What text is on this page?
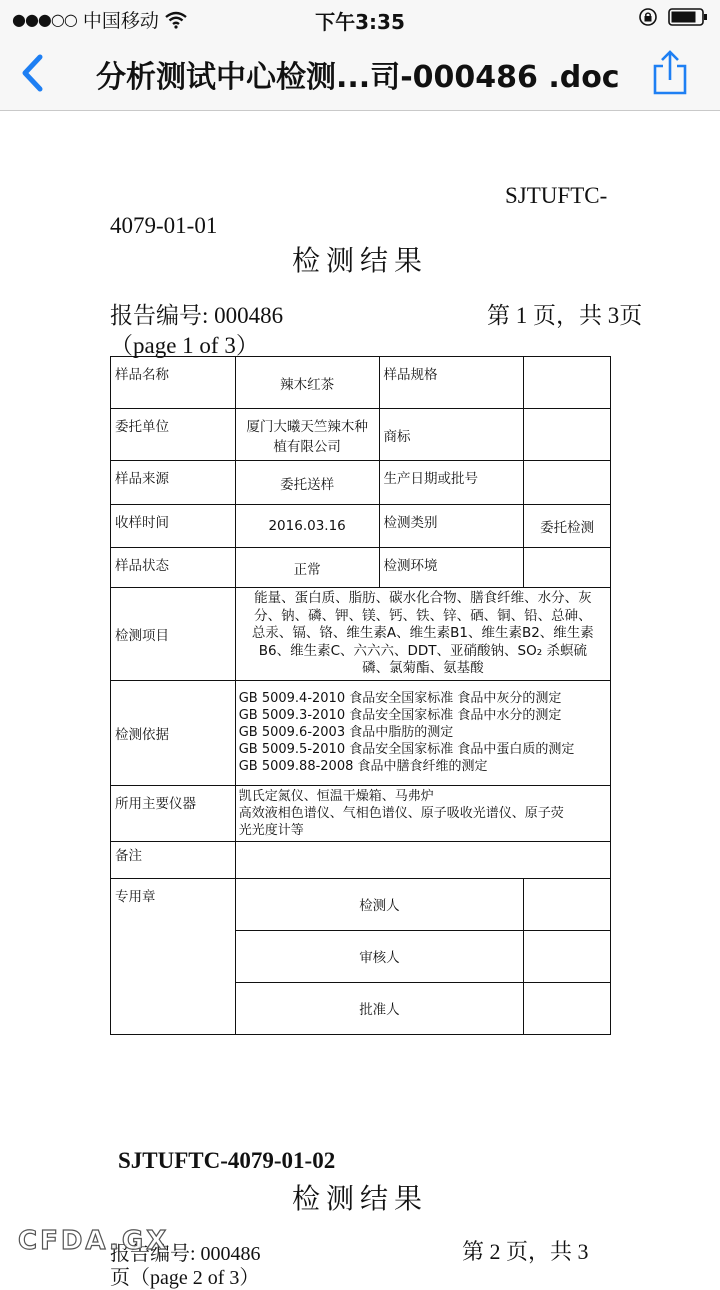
●●●○○ 中国移动	下午3:35
分析测试中心检测...司-000486 .doc
SJTUFTC-
4079-01-01
检测结果
报告编号: 000486	第 1 页，共 3页
（page 1 of 3）
样品名称	辣木红茶	样品规格	
委托单位	厦门大曦天竺辣木种植有限公司	商标	
样品来源	委托送样	生产日期或批号	
收样时间	2016.03.16	检测类别	委托检测
样品状态	正常	检测环境	
检测项目	能量、蛋白质、脂肪、碳水化合物、膳食纤维、水分、灰
分、钠、磷、钾、镁、钙、铁、锌、硒、铜、铅、总砷、
总汞、镉、铬、维生素A、维生素B1、维生素B2、维生素
B6、维生素C、六六六、DDT、亚硝酸钠、SO₂ 杀螟硫
磷、氯菊酯、氨基酸		

检测依据	GB 5009.4-2010 食品安全国家标准 食品中灰分的测定
GB 5009.3-2010 食品安全国家标准 食品中水分的测定
GB 5009.6-2003 食品中脂肪的测定
GB 5009.5-2010 食品安全国家标准 食品中蛋白质的测定
GB 5009.88-2008 食品中膳食纤维的测定		

所用主要仪器	凯氏定氮仪、恒温干燥箱、马弗炉
高效液相色谱仪、气相色谱仪、原子吸收光谱仪、原子荧
光光度计等		

备注			
专用章	检测人		
	审核人		
	批准人		
SJTUFTC-4079-01-02
检测结果
报告编号: 000486	第 2 页，共 3
页（page 2 of 3）
CFDA.GX
